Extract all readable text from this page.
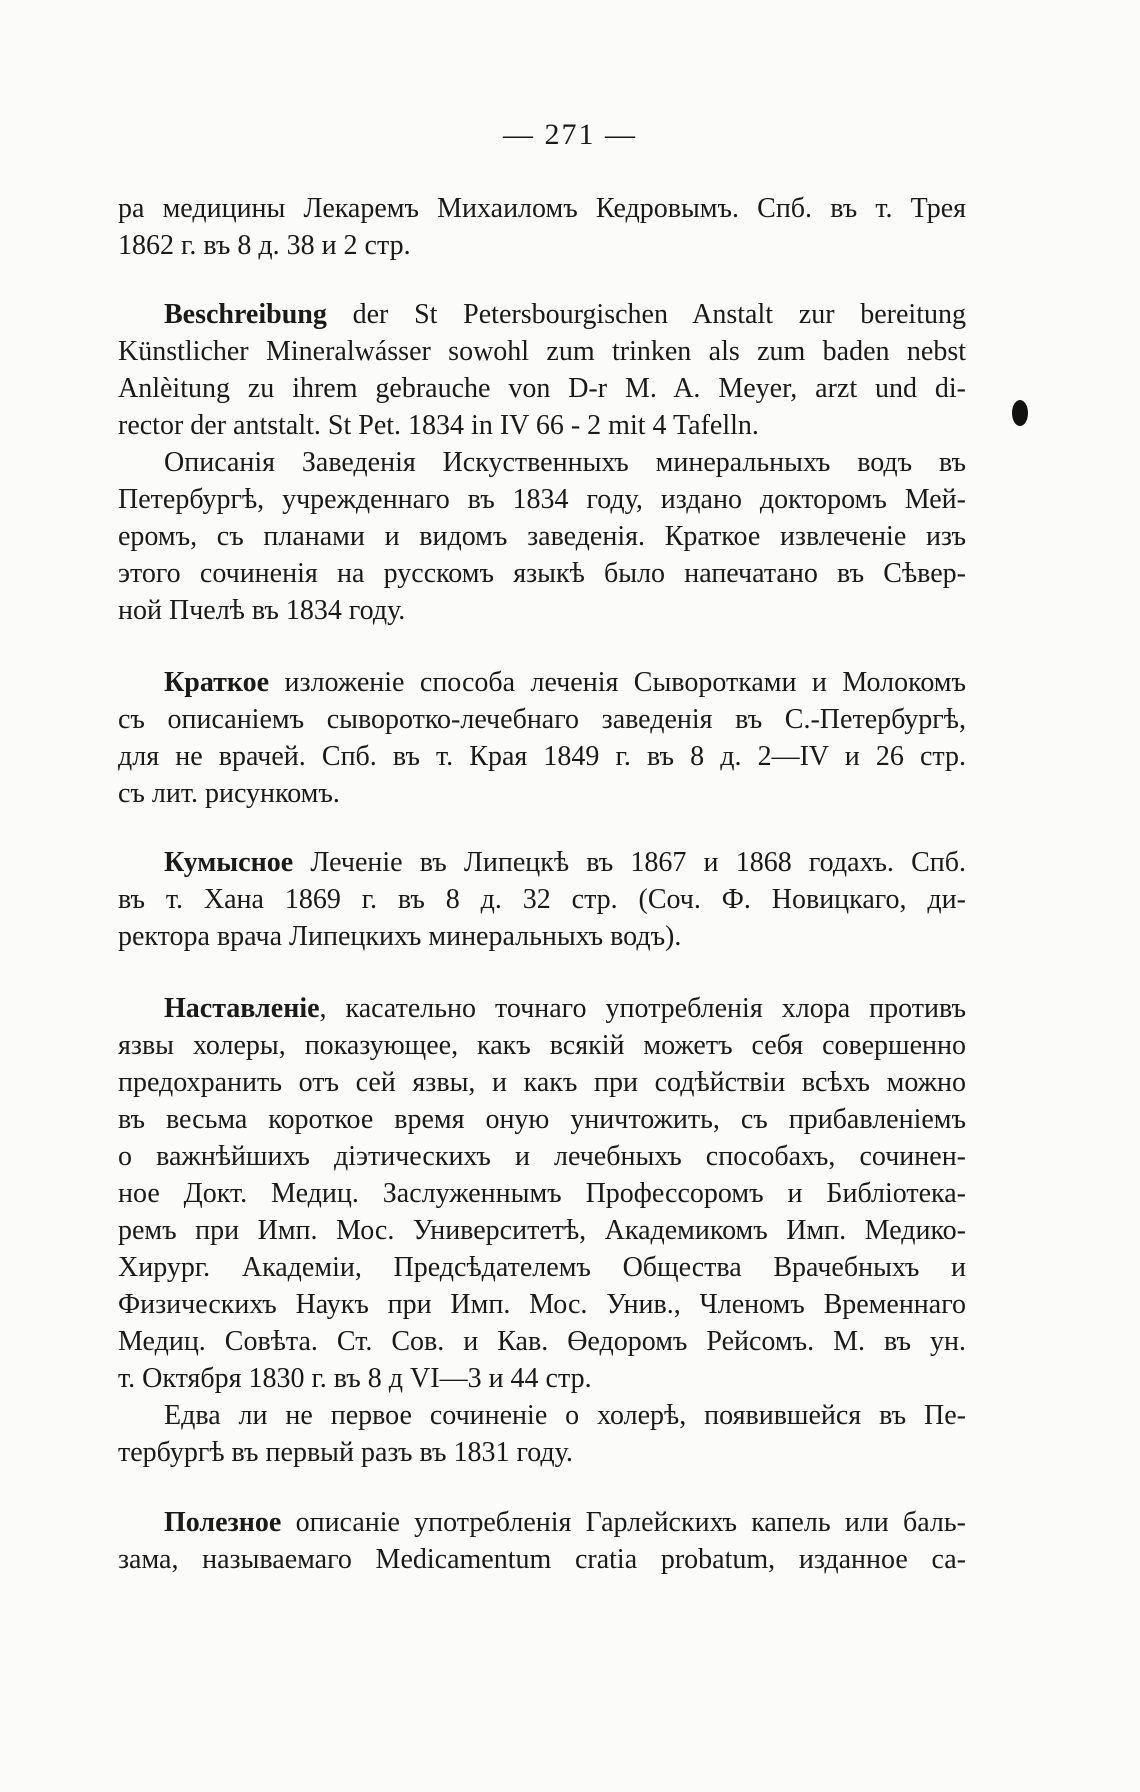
— 271 —
ра медицины Лекаремъ Михаиломъ Кедровымъ. Спб. въ т. Трея
1862 г. въ 8 д. 38 и 2 стр.
Beschreibung der St Petersbourgischen Anstalt zur bereitung
Künstlicher Mineralwásser sowohl zum trinken als zum baden nebst
Anlèitung zu ihrem gebrauche von D-r M. A. Meyer, arzt und di-
rector der antstalt. St Pet. 1834 in IV 66 - 2 mit 4 Tafelln.
Описанія Заведенія Искуственныхъ минеральныхъ водъ въ
Петербургѣ, учрежденнаго въ 1834 году, издано докторомъ Мей-
еромъ, съ планами и видомъ заведенія. Краткое извлеченіе изъ
этого сочиненія на русскомъ языкѣ было напечатано въ Сѣвер-
ной Пчелѣ въ 1834 году.
Краткое изложеніе способа леченія Сыворотками и Молокомъ
съ описаніемъ сыворотко-лечебнаго заведенія въ С.-Петербургѣ,
для не врачей. Спб. въ т. Края 1849 г. въ 8 д. 2—IV и 26 стр.
съ лит. рисункомъ.
Кумысное Леченіе въ Липецкѣ въ 1867 и 1868 годахъ. Спб.
въ т. Хана 1869 г. въ 8 д. 32 стр. (Соч. Ф. Новицкаго, ди-
ректора врача Липецкихъ минеральныхъ водъ).
Наставленіе, касательно точнаго употребленія хлора противъ
язвы холеры, показующее, какъ всякій можетъ себя совершенно
предохранить отъ сей язвы, и какъ при содѣйствіи всѣхъ можно
въ весьма короткое время оную уничтожить, съ прибавленіемъ
о важнѣйшихъ діэтическихъ и лечебныхъ способахъ, сочинен-
ное Докт. Медиц. Заслуженнымъ Профессоромъ и Библіотека-
ремъ при Имп. Мос. Университетѣ, Академикомъ Имп. Медико-
Хирург. Академіи, Предсѣдателемъ Общества Врачебныхъ и
Физическихъ Наукъ при Имп. Мос. Унив., Членомъ Временнаго
Медиц. Совѣта. Ст. Сов. и Кав. Өедоромъ Рейсомъ. М. въ ун.
т. Октября 1830 г. въ 8 д VI—3 и 44 стр.
Едва ли не первое сочиненіе о холерѣ, появившейся въ Пе-
тербургѣ въ первый разъ въ 1831 году.
Полезное описаніе употребленія Гарлейскихъ капель или баль-
зама, называемаго Medicamentum cratia probatum, изданное са-
